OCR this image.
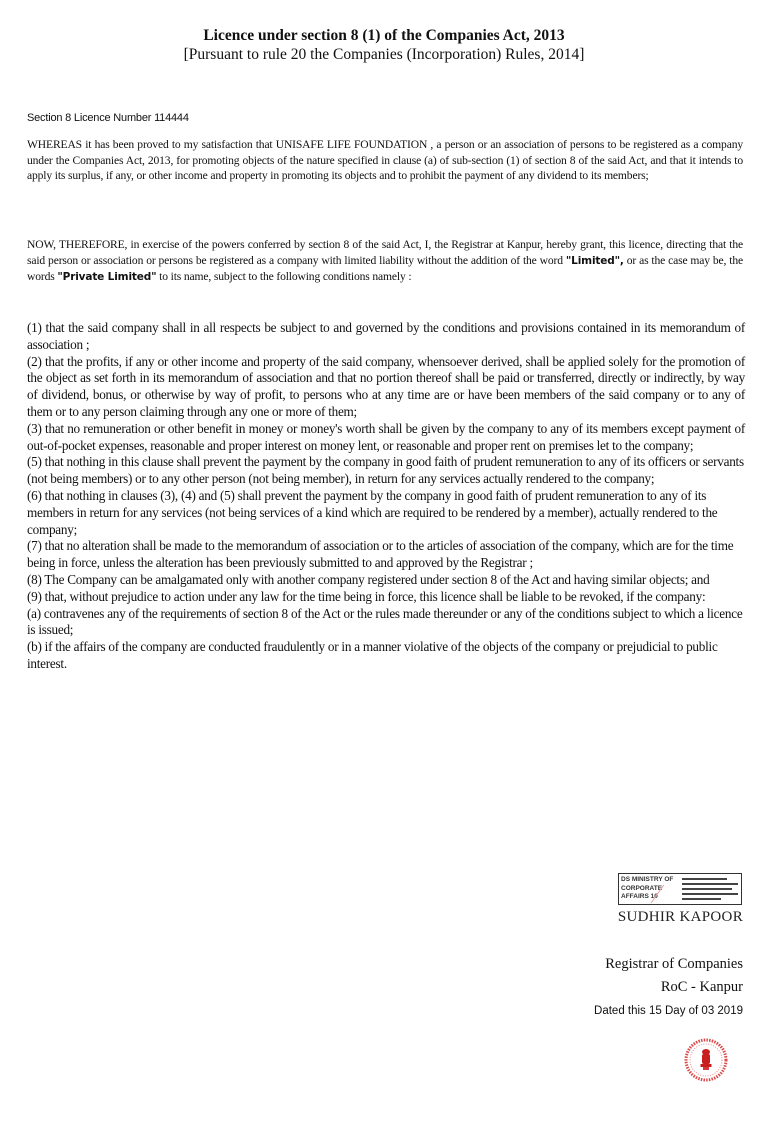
Licence under section 8 (1) of the Companies Act, 2013
[Pursuant to rule 20 the Companies (Incorporation) Rules, 2014]
Section 8 Licence Number 114444

WHEREAS it has been proved to my satisfaction that UNISAFE LIFE FOUNDATION , a person or an association of persons to be registered as a company under the Companies Act, 2013, for promoting objects of the nature specified in clause (a) of sub-section (1) of section 8 of the said Act, and that it intends to apply its surplus, if any, or other income and property in promoting its objects and to prohibit the payment of any dividend to its members;

NOW, THEREFORE, in exercise of the powers conferred by section 8 of the said Act, I, the Registrar at Kanpur, hereby grant, this licence, directing that the said person or association or persons be registered as a company with limited liability without the addition of the word "Limited", or as the case may be, the words "Private Limited" to its name, subject to the following conditions namely :

(1) that the said company shall in all respects be subject to and governed by the conditions and provisions contained in its memorandum of association ;

(2) that the profits, if any or other income and property of the said company, whensoever derived, shall be applied solely for the promotion of the object as set forth in its memorandum of association and that no portion thereof shall be paid or transferred, directly or indirectly, by way of dividend, bonus, or otherwise by way of profit, to persons who at any time are or have been members of the said company or to any of them or to any person claiming through any one or more of them;

(3) that no remuneration or other benefit in money or money's worth shall be given by the company to any of its members except payment of out-of-pocket expenses, reasonable and proper interest on money lent, or reasonable and proper rent on premises let to the company;

(5) that nothing in this clause shall prevent the payment by the company in good faith of prudent remuneration to any of its officers or servants (not being members) or to any other person (not being member), in return for any services actually rendered to the company;

(6) that nothing in clauses (3), (4) and (5) shall prevent the payment by the company in good faith of prudent remuneration to any of its members in return for any services (not being services of a kind which are required to be rendered by a member), actually rendered to the company;

(7) that no alteration shall be made to the memorandum of association or to the articles of association of the company, which are for the time being in force, unless the alteration has been previously submitted to and approved by the Registrar ;

(8) The Company can be amalgamated only with another company registered under section 8 of the Act and having similar objects; and

(9) that, without prejudice to action under any law for the time being in force, this licence shall be liable to be revoked, if the company:

(a) contravenes any of the requirements of section 8 of the Act or the rules made thereunder or any of the conditions subject to which a licence is issued;

(b) if the affairs of the company are conducted fraudulently or in a manner violative of the objects of the company or prejudicial to public interest.

DS MINISTRY OF CORPORATE AFFAIRS 10
SUDHIR KAPOOR
Registrar of Companies
RoC - Kanpur
Dated this 15 Day of 03 2019
